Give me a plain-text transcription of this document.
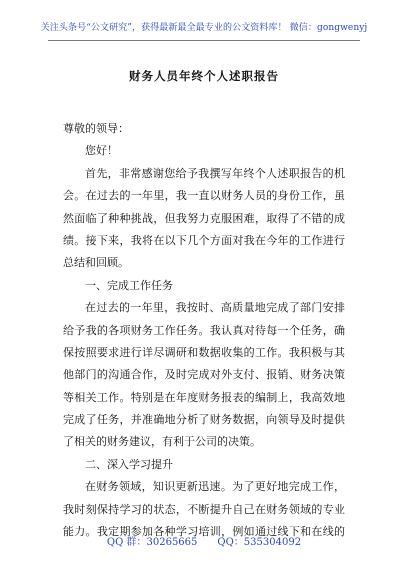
关注头条号“公文研究”，获得最新最全最专业的公文资料库！ 微信：gongwenyj
财务人员年终个人述职报告
尊敬的领导：
您好！
首先，非常感谢您给予我撰写年终个人述职报告的机
会。在过去的一年里，我一直以财务人员的身份工作，虽
然面临了种种挑战，但我努力克服困难，取得了不错的成
绩。接下来，我将在以下几个方面对我在今年的工作进行
总结和回顾。
一、完成工作任务
在过去的一年里，我按时、高质量地完成了部门安排
给予我的各项财务工作任务。我认真对待每一个任务，确
保按照要求进行详尽调研和数据收集的工作。我积极与其
他部门的沟通合作，及时完成对外支付、报销、财务决策
等相关工作。特别是在年度财务报表的编制上，我高效地
完成了任务，并准确地分析了财务数据，向领导及时提供
了相关的财务建议，有利于公司的决策。
二、深入学习提升
在财务领域，知识更新迅速。为了更好地完成工作，
我时刻保持学习的状态，不断提升自己在财务领域的专业
能力。我定期参加各种学习培训，例如通过线下和在线的
QQ 群：30265665 QQ：535304092
